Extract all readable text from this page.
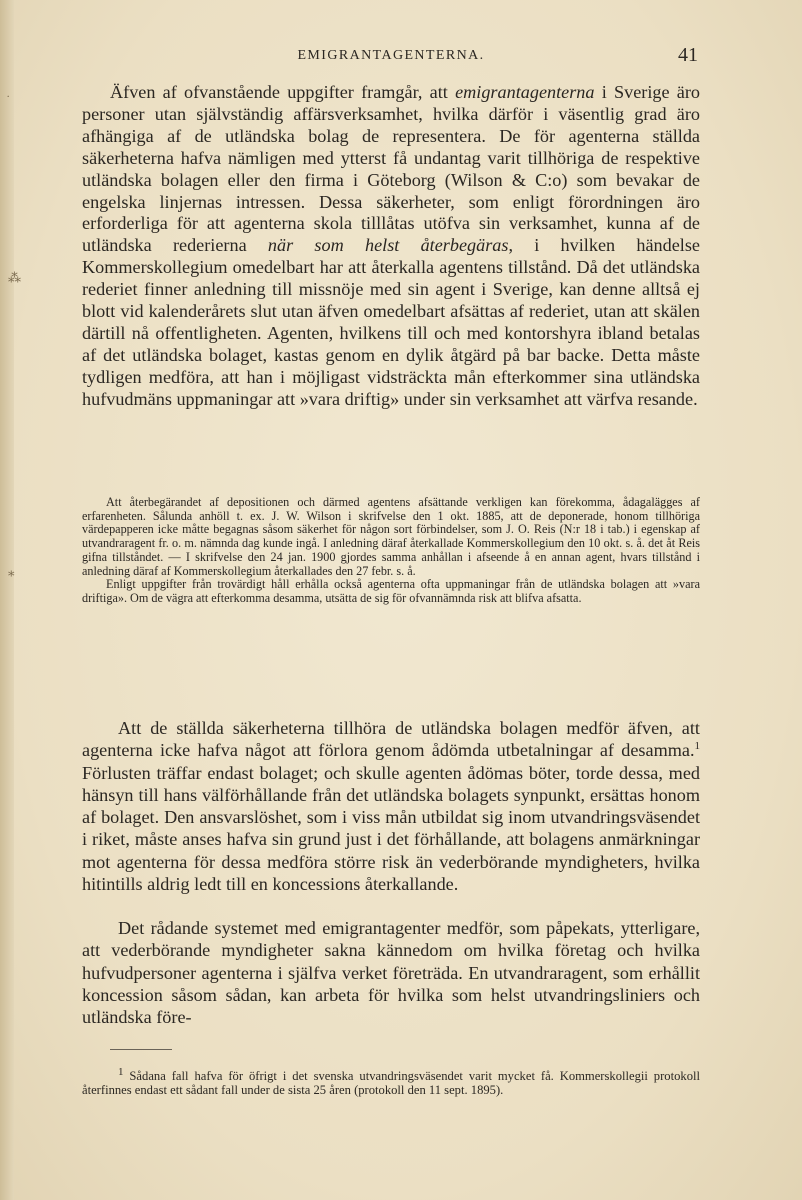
EMIGRANTAGENTERNA.	41

Äfven af ofvanstående uppgifter framgår, att emigrantagenterna i Sverige äro personer utan självständig affärsverksamhet, hvilka därför i väsentlig grad äro afhängiga af de utländska bolag de representera. De för agenterna ställda säkerheterna hafva nämligen med ytterst få undantag varit tillhöriga de respektive utländska bolagen eller den firma i Göteborg (Wilson & C:o) som bevakar de engelska linjernas intressen. Dessa säkerheter, som enligt förordningen äro erforderliga för att agenterna skola tilllåtas utöfva sin verksamhet, kunna af de utländska rederierna när som helst återbegäras, i hvilken händelse Kommerskollegium omedelbart har att återkalla agentens tillstånd. Då det utländska rederiet finner anledning till missnöje med sin agent i Sverige, kan denne alltså ej blott vid kalenderårets slut utan äfven omedelbart afsättas af rederiet, utan att skälen därtill nå offentligheten. Agenten, hvilkens till och med kontorshyra ibland betalas af det utländska bolaget, kastas genom en dylik åtgärd på bar backe. Detta måste tydligen medföra, att han i möjligast vidsträckta mån efterkommer sina utländska hufvudmäns uppmaningar att »vara driftig» under sin verksamhet att värfva resande.

Att återbegärandet af depositionen och därmed agentens afsättande verkligen kan förekomma, ådagalägges af erfarenheten. Sålunda anhöll t. ex. J. W. Wilson i skrifvelse den 1 okt. 1885, att de deponerade, honom tillhöriga värdepapperen icke måtte begagnas såsom säkerhet för någon sort förbindelser, som J. O. Reis (N:r 18 i tab.) i egenskap af utvandraragent fr. o. m. nämnda dag kunde ingå. I anledning däraf återkallade Kommerskollegium den 10 okt. s. å. det åt Reis gifna tillståndet. — I skrifvelse den 24 jan. 1900 gjordes samma anhållan i afseende å en annan agent, hvars tillstånd i anledning däraf af Kommerskollegium återkallades den 27 febr. s. å.

Enligt uppgifter från trovärdigt håll erhålla också agenterna ofta uppmaningar från de utländska bolagen att »vara driftiga». Om de vägra att efterkomma desamma, utsätta de sig för ofvannämnda risk att blifva afsatta.

Att de ställda säkerheterna tillhöra de utländska bolagen medför äfven, att agenterna icke hafva något att förlora genom ådömda utbetalningar af desamma.$^1$ Förlusten träffar endast bolaget; och skulle agenten ådömas böter, torde dessa, med hänsyn till hans välförhållande från det utländska bolagets synpunkt, ersättas honom af bolaget. Den ansvarslöshet, som i viss mån utbildat sig inom utvandringsväsendet i riket, måste anses hafva sin grund just i det förhållande, att bolagens anmärkningar mot agenterna för dessa medföra större risk än vederbörande myndigheters, hvilka hitintills aldrig ledt till en koncessions återkallande.

Det rådande systemet med emigrantagenter medför, som påpekats, ytterligare, att vederbörande myndigheter sakna kännedom om hvilka företag och hvilka hufvudpersoner agenterna i själfva verket företräda. En utvandraragent, som erhållit koncession såsom sådan, kan arbeta för hvilka som helst utvandringsliniers och utländska före-

$^1$ Sådana fall hafva för öfrigt i det svenska utvandringsväsendet varit mycket få. Kommerskollegii protokoll återfinnes endast ett sådant fall under de sista 25 åren (protokoll den 11 sept. 1895).

˙
⁂
⁎
